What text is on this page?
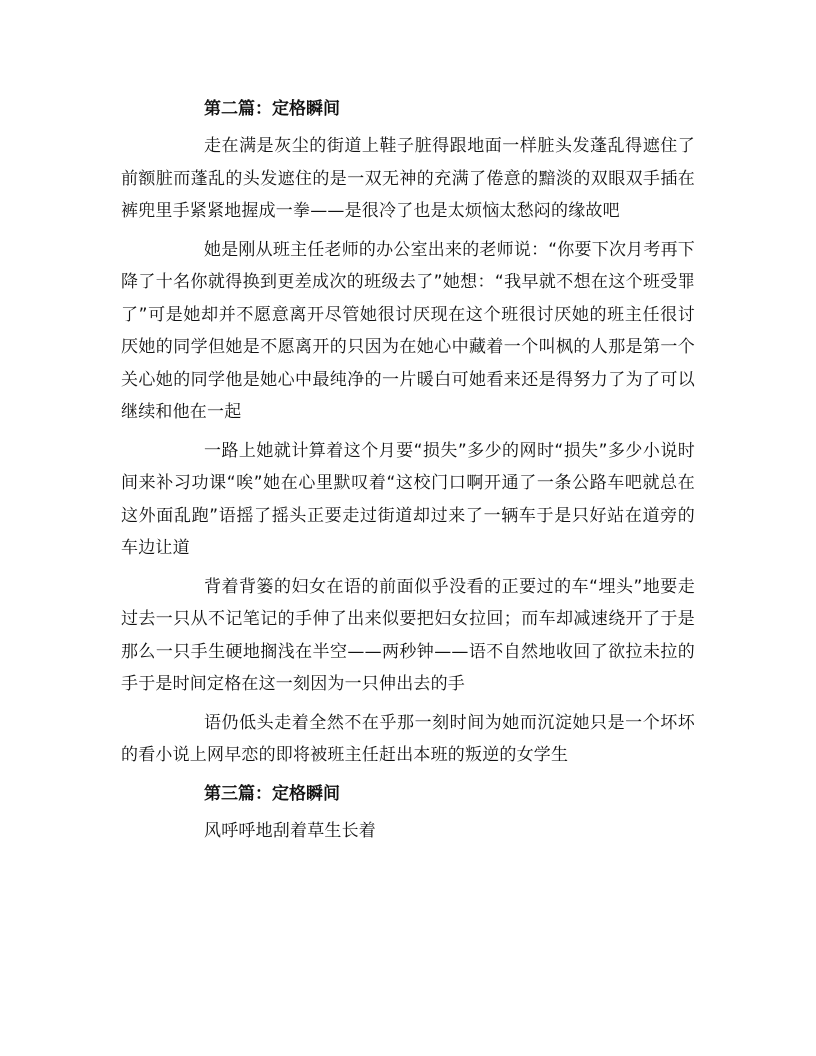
第二篇：定格瞬间

走在满是灰尘的街道上鞋子脏得跟地面一样脏头发蓬乱得遮住了前额脏而蓬乱的头发遮住的是一双无神的充满了倦意的黯淡的双眼双手插在裤兜里手紧紧地握成一拳——是很冷了也是太烦恼太愁闷的缘故吧

她是刚从班主任老师的办公室出来的老师说：“你要下次月考再下降了十名你就得换到更差成次的班级去了”她想：“我早就不想在这个班受罪了”可是她却并不愿意离开尽管她很讨厌现在这个班很讨厌她的班主任很讨厌她的同学但她是不愿离开的只因为在她心中藏着一个叫枫的人那是第一个关心她的同学他是她心中最纯净的一片暖白可她看来还是得努力了为了可以继续和他在一起

一路上她就计算着这个月要“损失”多少的网时“损失”多少小说时间来补习功课“唉”她在心里默叹着“这校门口啊开通了一条公路车吧就总在这外面乱跑”语摇了摇头正要走过街道却过来了一辆车于是只好站在道旁的车边让道

背着背篓的妇女在语的前面似乎没看的正要过的车“埋头”地要走过去一只从不记笔记的手伸了出来似要把妇女拉回；而车却减速绕开了于是那么一只手生硬地搁浅在半空——两秒钟——语不自然地收回了欲拉未拉的手于是时间定格在这一刻因为一只伸出去的手

语仍低头走着全然不在乎那一刻时间为她而沉淀她只是一个坏坏的看小说上网早恋的即将被班主任赶出本班的叛逆的女学生

第三篇：定格瞬间

风呼呼地刮着草生长着
